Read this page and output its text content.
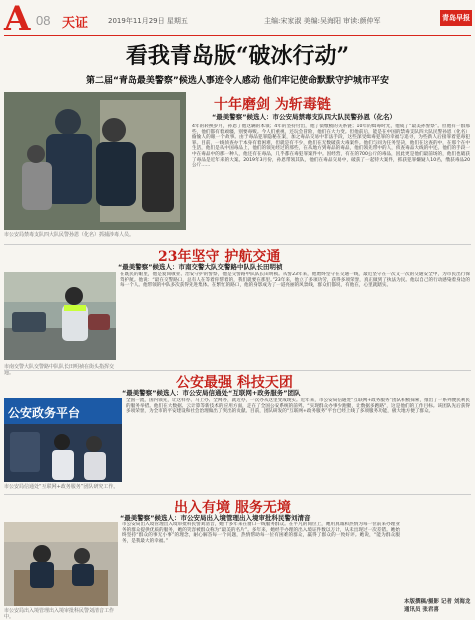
A 08 天证	2019年11月29日 星期五	主编:宋家淑 美编:吴海阳 审读:颜仲军	青岛早报
看我青岛版“破冰行动”
第二届“青岛最美警察”候选人事迹令人感动 他们牢记使命默默守护城市平安
市公安局禁毒支队四大队民警孙恩（化名）抓捕涉毒人员。
十年磨剑 为斩毒链
“最美警察”候选人：市公安局禁毒支队四大队民警孙恩（化名）
4年的转换岁月，孙恩了他这辆的本领；4年的坚持付出，他了债缴极的关系链；10年的缉毒时光，他成了“最美孙警察”。但他有一群那些，他们都有着顽疆，别要毒贩。今人们重视，还玩会冒险，他们在大力变。但他前后，能是在中国的禁毒支队四大队民警孙恩（化名）偷偷人的眼一个故事。由于毒品犯罪隐秘在案，加之毒品交易中非法手段，这些深受缉毒犯罪的幸福与追寻，为些新人后接罪着犯毒犯罪。目前，一线侦查办于本身有着困难，但就是有不少，他们在无数破获大毒案件。他们与同为任务坚决，他们在这查的中，在那个在中生活，他们是从中国毒品上，他们的领先经过的那些，在从地方到毒品的毒品，他们领先带中的人，侦查毒品大线的中还。他们的手段一中在毒品中的那一种人，他还有在毒品，几乎都在毒犯罪案件中。因经营，有在的700公斤的毒品，因此更是他们最前场的，他们也破获了毒品是近年来的大案。2019年3月份，孙恩带领其队，他们在毒品交易中，破获了一起特大案件，抓获犯罪嫌疑人10名，缴获毒品20公斤……
23年坚守 护航交通
“最美警察”候选人：市南交警大队交警路中队队长田明祯
市南交警大队交警路中队队长田明祯在街头指挥交通。
在既民的眼里，他是爱岗敬业、治安守护的警察，他是交警路中队队长田明祯。从警23年来，他始终坚守在交通一线，最近坚守在一次又一次的交通安全中，为市民出行保驾护航。他说：“最在交警路口，总有人在等着你帮着的，我们就要在那里。”23年来，他立了多项功劳，获得多项荣誉，真正做到了执法为民。他以自己的行动感染着身边的每一个人。他带领的中队多次获得先进集体。在繁忙的路口，他的身影成为了一道亮丽的风景线，群众们都说，有他在，心里就踏实。
公安最强 科技天团
“最美警察”候选人：市公安局信通处“互联网+政务服务”团队
公安政务平台
市公安局信通处“互联网+政务服务”团队研究工作。
全国一流，国内领先，让这样办、马上办、全网办，就近办，一次办从这里变成现实。近年来，市公安局信通处“互联网+政务服务”团队积极探索，推出了一系列便民利民的服务举措。他们在大数据、云计算等新技术的应用方面，走在了全国公安系统的前列。“实现群众办事少跑腿，让数据多跑路”，这是他们的工作目标。该团队先后获得多项荣誉，为全市的平安建设和社会治理做出了突出的贡献。目前，团队研发的“互联网+政务服务”平台已经上线了多项服务功能，极大地方便了群众。
出入有境 服务无境
“最美警察”候选人：市公安局出入境管理出入境审批科民警刘清音
市公安局出入境管理出入境审批科民警刘清音工作中。
市公安局出入境管理出入境审批科民警刘清音，她十多年来在窗口一线服务群众。在平凡的岗位上，她用真诚和热情为每一位前来办理业务的群众提供优质的服务，她的笑容被群众称为“最美的名片”。多年来，她经手办理的出入境证件数以万计，从未出现过一次差错。她始终坚持“群众的事无小事”的理念，耐心解答每一个问题，热情帮助每一位有困难的群众，赢得了群众的一致好评。她说，“能为群众服务，是我最大的幸福。”
本版撰稿/摄影 记者 刘海龙
通讯员 张君喜
